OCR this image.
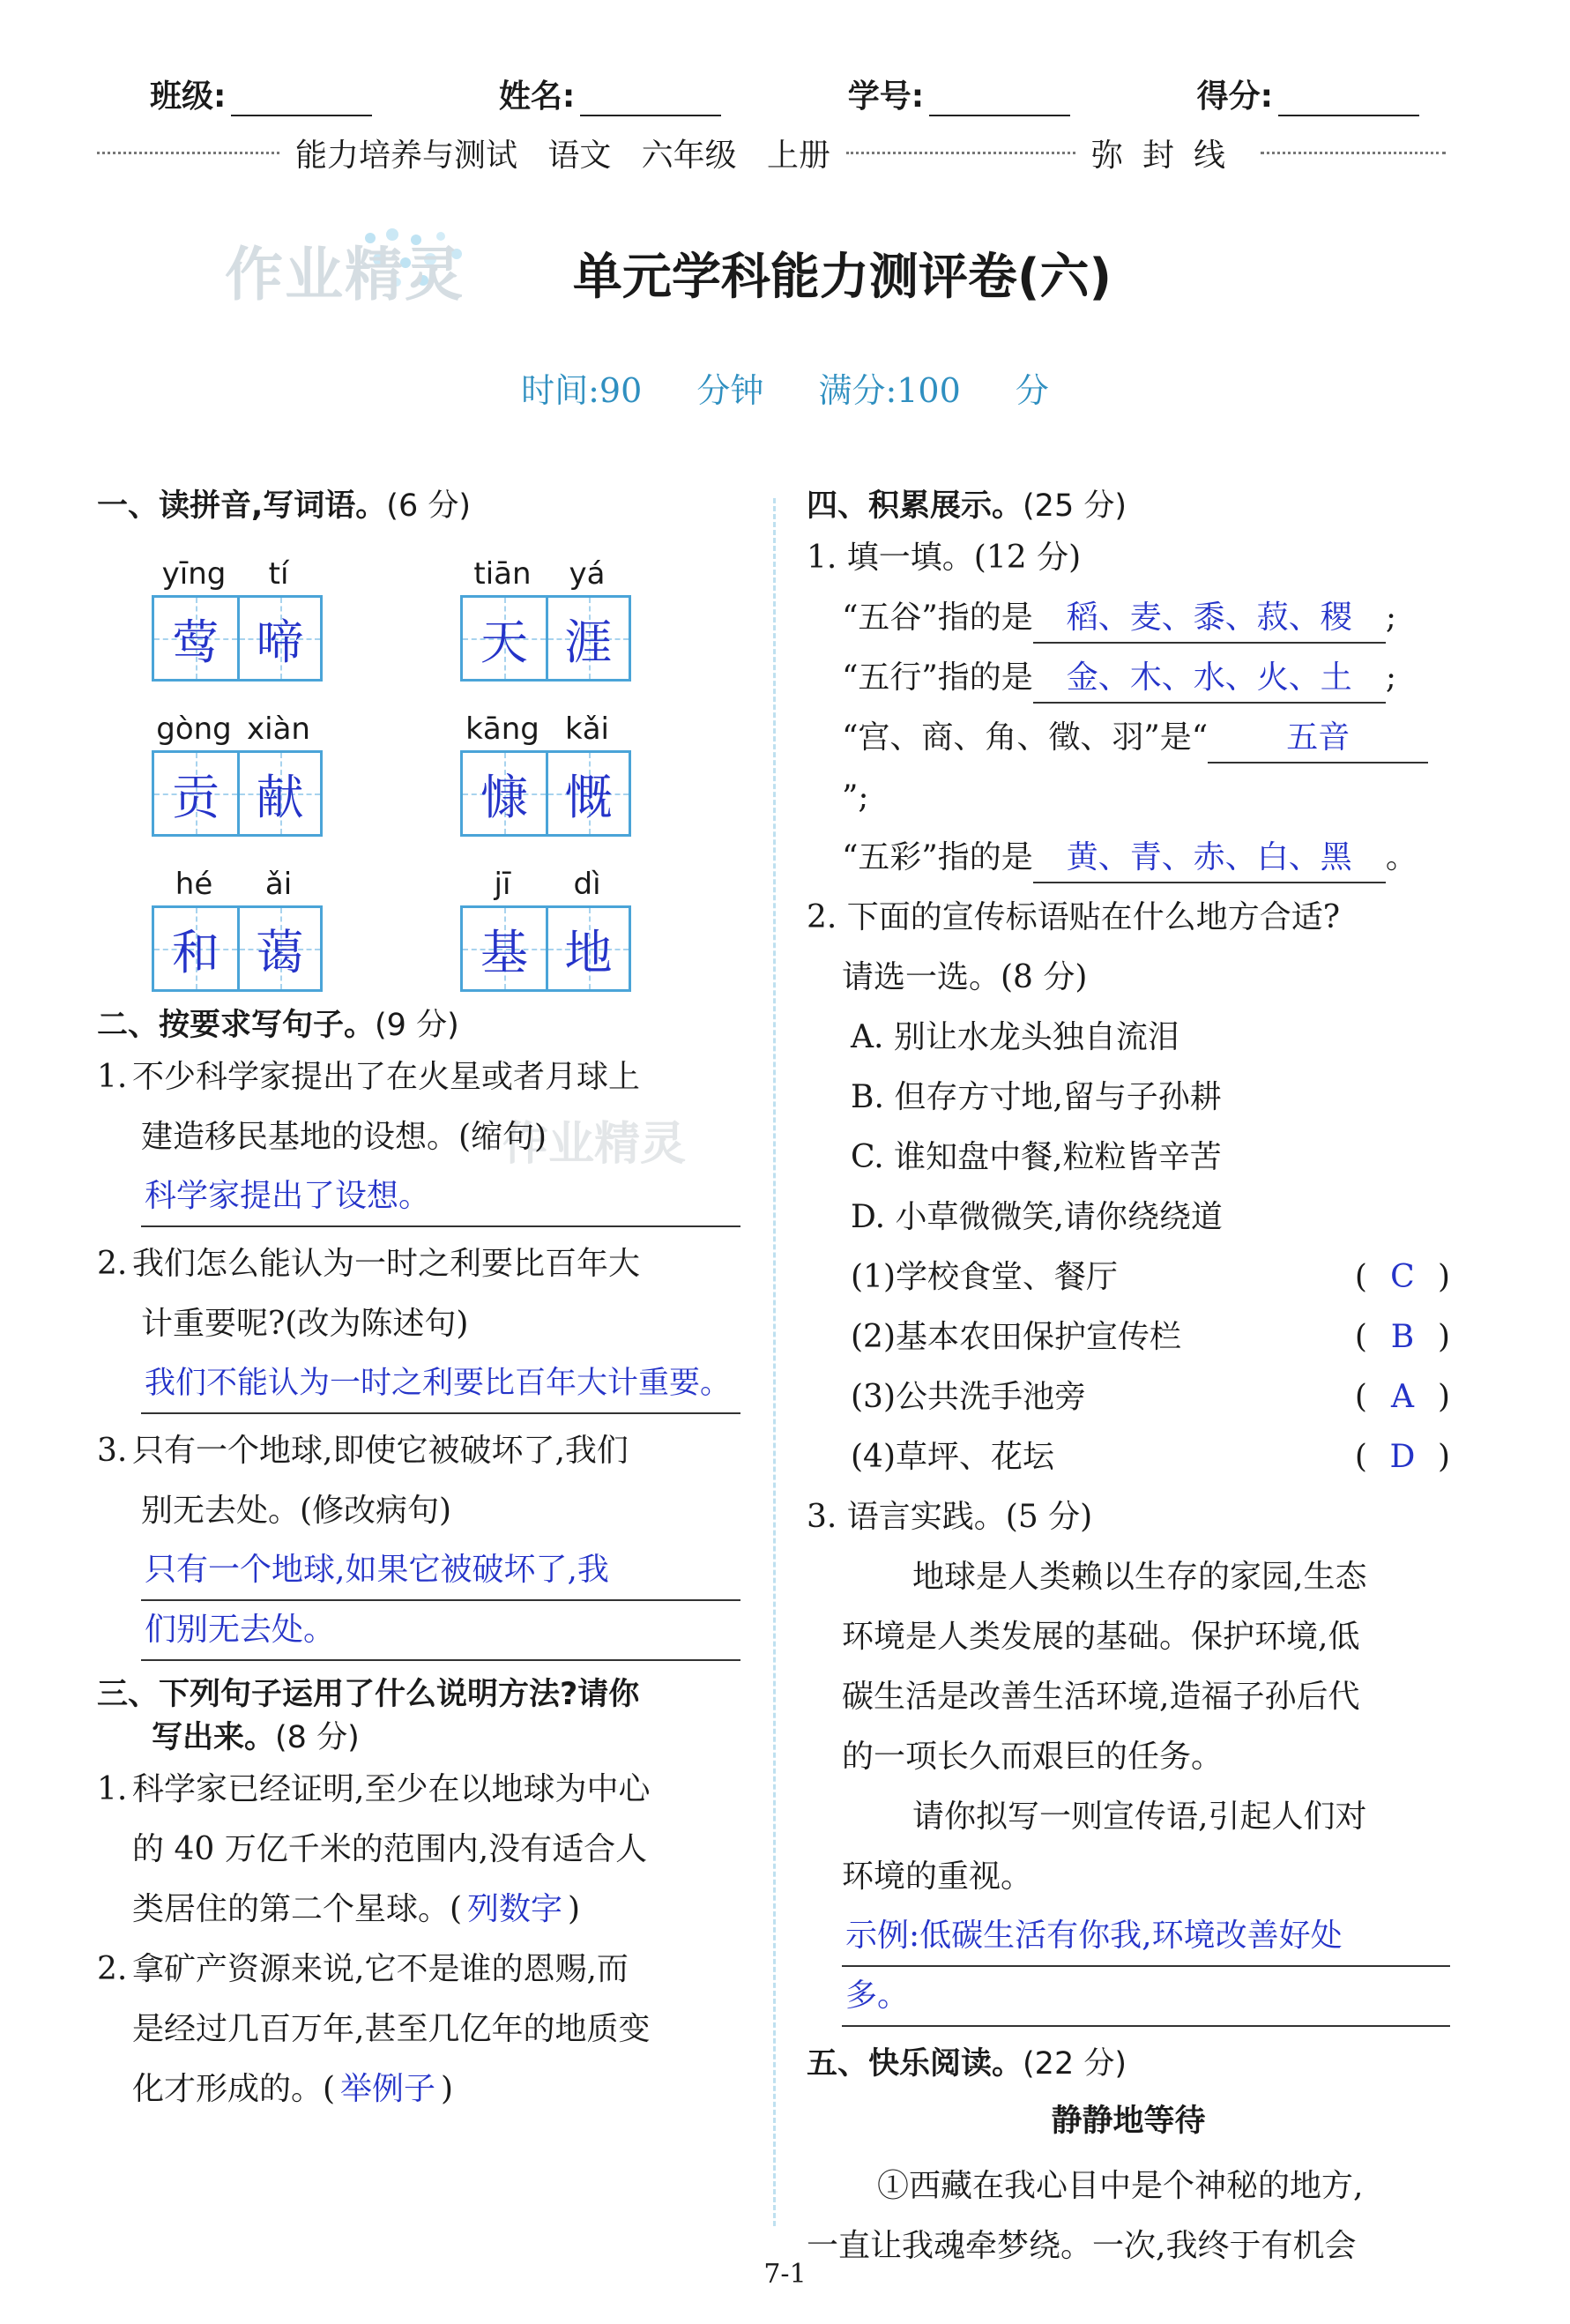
班级:	姓名:	学号:	得分:
能力培养与测试   语文   六年级   上册	弥封线
作业精灵
作业精灵
单元学科能力测评卷(六)
时间:90 分钟 满分:100 分
一、读拼音,写词语。(6 分)
yīng	tí
莺 啼
tiān	yá
天 涯
gòng xiàn
贡 献
kāng kǎi
慷 慨
hé	ǎi
和 蔼
jī	dì
基 地
二、按要求写句子。(9 分)
1. 不少科学家提出了在火星或者月球上
建造移民基地的设想。(缩句)
科学家提出了设想。
2. 我们怎么能认为一时之利要比百年大
计重要呢?(改为陈述句)
我们不能认为一时之利要比百年大计重要。
3. 只有一个地球,即使它被破坏了,我们
别无去处。(修改病句)
只有一个地球,如果它被破坏了,我
们别无去处。
三、下列句子运用了什么说明方法?请你
写出来。(8 分)
1. 科学家已经证明,至少在以地球为中心
的 40 万亿千米的范围内,没有适合人
类居住的第二个星球。( 列数字 )
2. 拿矿产资源来说,它不是谁的恩赐,而
是经过几百万年,甚至几亿年的地质变
化才形成的。( 举例子 )
四、积累展示。(25 分)
1. 填一填。(12 分)
“五谷”指的是 稻、麦、黍、菽、稷 ;
“五行”指的是 金、木、水、火、土 ;
“宫、商、角、徵、羽”是“ 五音”;
“五彩”指的是 黄、青、赤、白、黑 。
2. 下面的宣传标语贴在什么地方合适?
请选一选。(8 分)
A. 别让水龙头独自流泪
B. 但存方寸地,留与子孙耕
C. 谁知盘中餐,粒粒皆辛苦
D. 小草微微笑,请你绕绕道
(1)学校食堂、餐厅	( C )
(2)基本农田保护宣传栏	( B )
(3)公共洗手池旁	( A )
(4)草坪、花坛	( D )
3. 语言实践。(5 分)
地球是人类赖以生存的家园,生态
环境是人类发展的基础。保护环境,低
碳生活是改善生活环境,造福子孙后代
的一项长久而艰巨的任务。
请你拟写一则宣传语,引起人们对
环境的重视。
示例:低碳生活有你我,环境改善好处
多。
五、快乐阅读。(22 分)
静静地等待
①西藏在我心目中是个神秘的地方,
一直让我魂牵梦绕。一次,我终于有机会
7-1
